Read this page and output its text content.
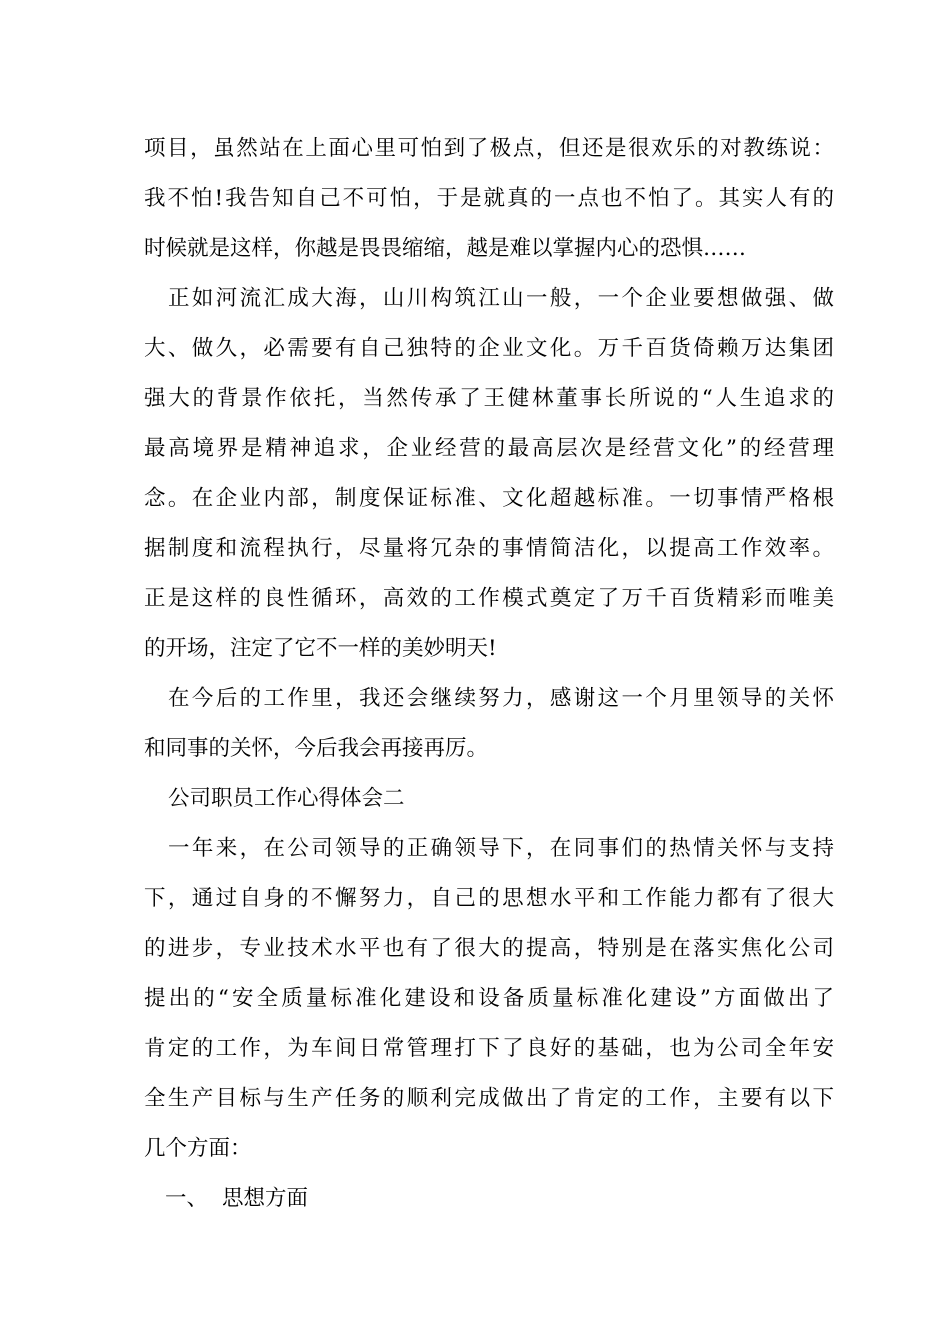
项目，虽然站在上面心里可怕到了极点，但还是很欢乐的对教练说：
我不怕!我告知自己不可怕，于是就真的一点也不怕了。其实人有的
时候就是这样，你越是畏畏缩缩，越是难以掌握内心的恐惧……
正如河流汇成大海，山川构筑江山一般，一个企业要想做强、做
大、做久，必需要有自己独特的企业文化。万千百货倚赖万达集团
强大的背景作依托，当然传承了王健林董事长所说的“人生追求的
最高境界是精神追求，企业经营的最高层次是经营文化”的经营理
念。在企业内部，制度保证标准、文化超越标准。一切事情严格根
据制度和流程执行，尽量将冗杂的事情简洁化，以提高工作效率。
正是这样的良性循环，高效的工作模式奠定了万千百货精彩而唯美
的开场，注定了它不一样的美妙明天!
在今后的工作里，我还会继续努力，感谢这一个月里领导的关怀
和同事的关怀，今后我会再接再厉。
公司职员工作心得体会二
一年来，在公司领导的正确领导下，在同事们的热情关怀与支持
下，通过自身的不懈努力，自己的思想水平和工作能力都有了很大
的进步，专业技术水平也有了很大的提高，特别是在落实焦化公司
提出的“安全质量标准化建设和设备质量标准化建设”方面做出了
肯定的工作，为车间日常管理打下了良好的基础，也为公司全年安
全生产目标与生产任务的顺利完成做出了肯定的工作，主要有以下
几个方面：
一、 思想方面
